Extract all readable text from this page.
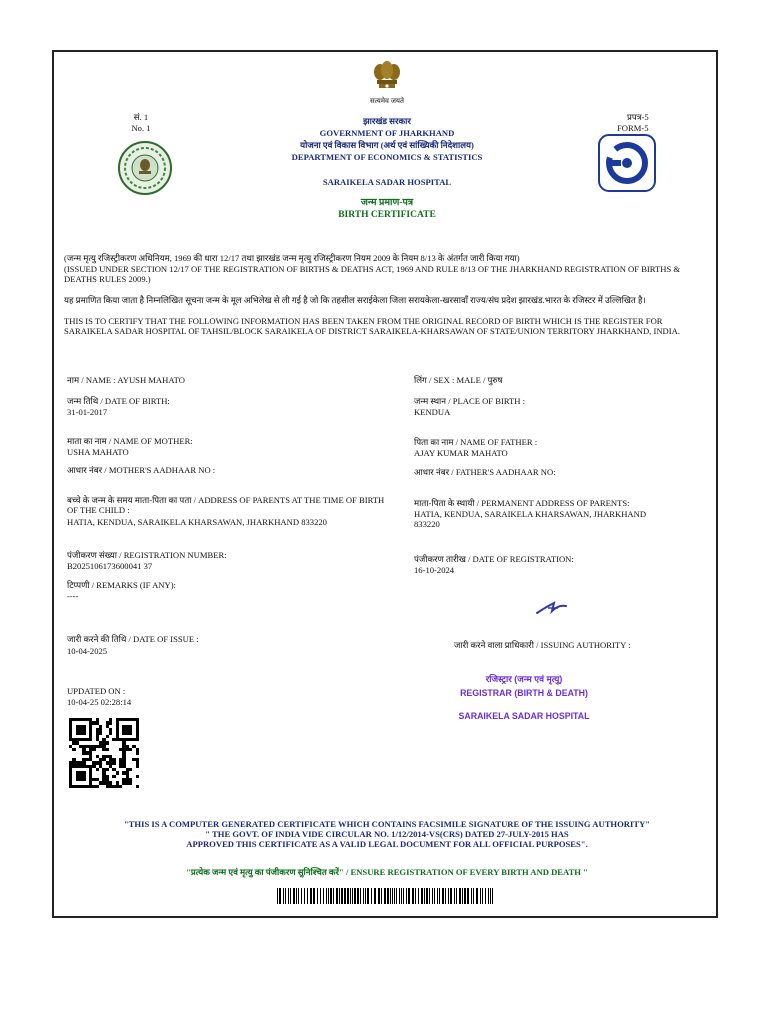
सत्यमेव जयते
सं. 1
No. 1
प्रपत्र-5
FORM-5
झारखंड सरकार
GOVERNMENT OF JHARKHAND
योजना एवं विकास विभाग (अर्थ एवं सांख्यिकी निदेशालय)
DEPARTMENT OF ECONOMICS & STATISTICS
SARAIKELA SADAR HOSPITAL
जन्म प्रमाण-पत्र
BIRTH CERTIFICATE
(जन्म मृत्यु रजिस्ट्रीकरण अधिनियम, 1969 की धारा 12/17 तथा झारखंड जन्म मृत्यु रजिस्ट्रीकरण नियम 2009 के नियम 8/13 के अंतर्गत जारी किया गया)
(ISSUED UNDER SECTION 12/17 OF THE REGISTRATION OF BIRTHS & DEATHS ACT, 1969 AND RULE 8/13 OF THE JHARKHAND REGISTRATION OF BIRTHS & DEATHS RULES 2009.)
यह प्रमाणित किया जाता है निम्नलिखित सूचना जन्म के मूल अभिलेख से ली गई है जो कि तहसील सराईकेला जिला सरायकेला-खरसावाँ राज्य/संघ प्रदेश झारखंड.भारत के रजिस्टर में उल्लिखित है।
THIS IS TO CERTIFY THAT THE FOLLOWING INFORMATION HAS BEEN TAKEN FROM THE ORIGINAL RECORD OF BIRTH WHICH IS THE REGISTER FOR SARAIKELA SADAR HOSPITAL OF TAHSIL/BLOCK SARAIKELA OF DISTRICT SARAIKELA-KHARSAWAN OF STATE/UNION TERRITORY JHARKHAND, INDIA.
नाम / NAME : AYUSH MAHATO
जन्म तिथि / DATE OF BIRTH:
31-01-2017
माता का नाम / NAME OF MOTHER:
USHA MAHATO
आधार नंबर / MOTHER'S AADHAAR NO :
बच्चे के जन्म के समय माता-पिता का पता / ADDRESS OF PARENTS AT THE TIME OF BIRTH OF THE CHILD :
HATIA, KENDUA, SARAIKELA KHARSAWAN, JHARKHAND 833220
पंजीकरण संख्या / REGISTRATION NUMBER:
B2025106173600041 37
टिप्पणी / REMARKS (IF ANY):
----
जारी करने की तिथि / DATE OF ISSUE :
10-04-2025
UPDATED ON :
10-04-25 02:28:14
लिंग / SEX : MALE / पुरुष
जन्म स्थान / PLACE OF BIRTH :
KENDUA
पिता का नाम / NAME OF FATHER :
AJAY KUMAR MAHATO
आधार नंबर / FATHER'S AADHAAR NO:
माता-पिता के स्थायी / PERMANENT ADDRESS OF PARENTS:
HATIA, KENDUA, SARAIKELA KHARSAWAN, JHARKHAND 833220
पंजीकरण तारीख / DATE OF REGISTRATION:
16-10-2024
जारी करने वाला प्राधिकारी / ISSUING AUTHORITY :
रजिस्ट्रार (जन्म एवं मृत्यु)
REGISTRAR (BIRTH & DEATH)
SARAIKELA SADAR HOSPITAL
"THIS IS A COMPUTER GENERATED CERTIFICATE WHICH CONTAINS FACSIMILE SIGNATURE OF THE ISSUING AUTHORITY"
" THE GOVT. OF INDIA VIDE CIRCULAR NO. 1/12/2014-VS(CRS) DATED 27-JULY-2015 HAS
APPROVED THIS CERTIFICATE AS A VALID LEGAL DOCUMENT FOR ALL OFFICIAL PURPOSES".
"प्रत्येक जन्म एवं मृत्यु का पंजीकरण सुनिश्चित करें" / ENSURE REGISTRATION OF EVERY BIRTH AND DEATH "
